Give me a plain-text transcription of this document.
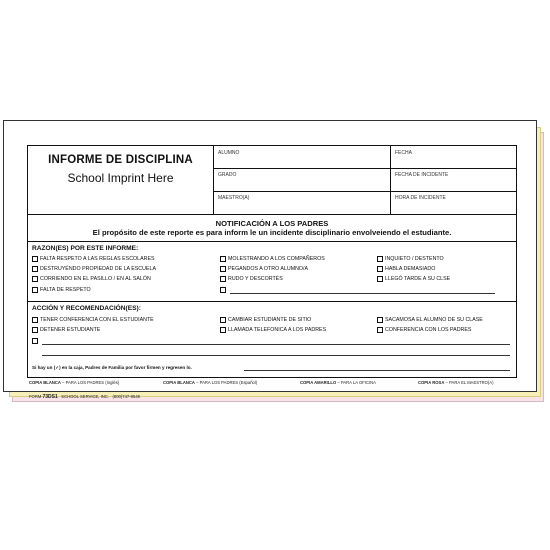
INFORME DE DISCIPLINA
School Imprint Here
ALUMNO	FECHA
GRADO	FECHA DE INCIDENTE
MAESTRO(A)	HORA DE INCIDENTE
NOTIFICACIÓN A LOS PADRES
El propósito de este reporte es para inform le un incidente disciplinario envolveiendo el estudiante.
RAZON(ES) POR ESTE INFORME:
FALTA RESPETO A LAS REGLAS ESCOLARES	MOLESTRANDO A LOS COMPAÑEROS	INQUIETO / DESTENTO
DESTRUYÉNDO PROPIEDAD DE LA ESCUELA	PEGANDOS A OTRO ALUMNO/A	HABLA DEMASIADO
CORRIENDO EN EL PASILLO / EN AL SALÓN	RUDO Y DESCORTÉS	LLEGÓ TARDE A SU CLSE
FALTA DE RESPETO
ACCIÓN Y RECOMENDACIÓN(ES):
TENER CONFERENCIA CON EL ESTUDIANTE	CAMBIAR ESTUDIANTE DE SITIO	SACAMOSA EL ALUMNO DE SU CLASE
DETENER ESTUDIANTE	LLAMADA TELEFONICA A LOS PADRES	CONFERENCIA CON LOS PADRES
Si hay un (✓) en la caja, Padres de Familia por favor firmen y regresen lo.
COPIA BLANCA – PARA LOS PADRES (Inglés)	COPIA BLANCA – PARA LOS PADRES (Español)	COPIA AMARILLO – PARA LA OFICINA	COPIA ROSA – PARA EL MAESTRO(A)
FORM 73DS1 SCHOOL SERVICE, INC. (800)747-9549
